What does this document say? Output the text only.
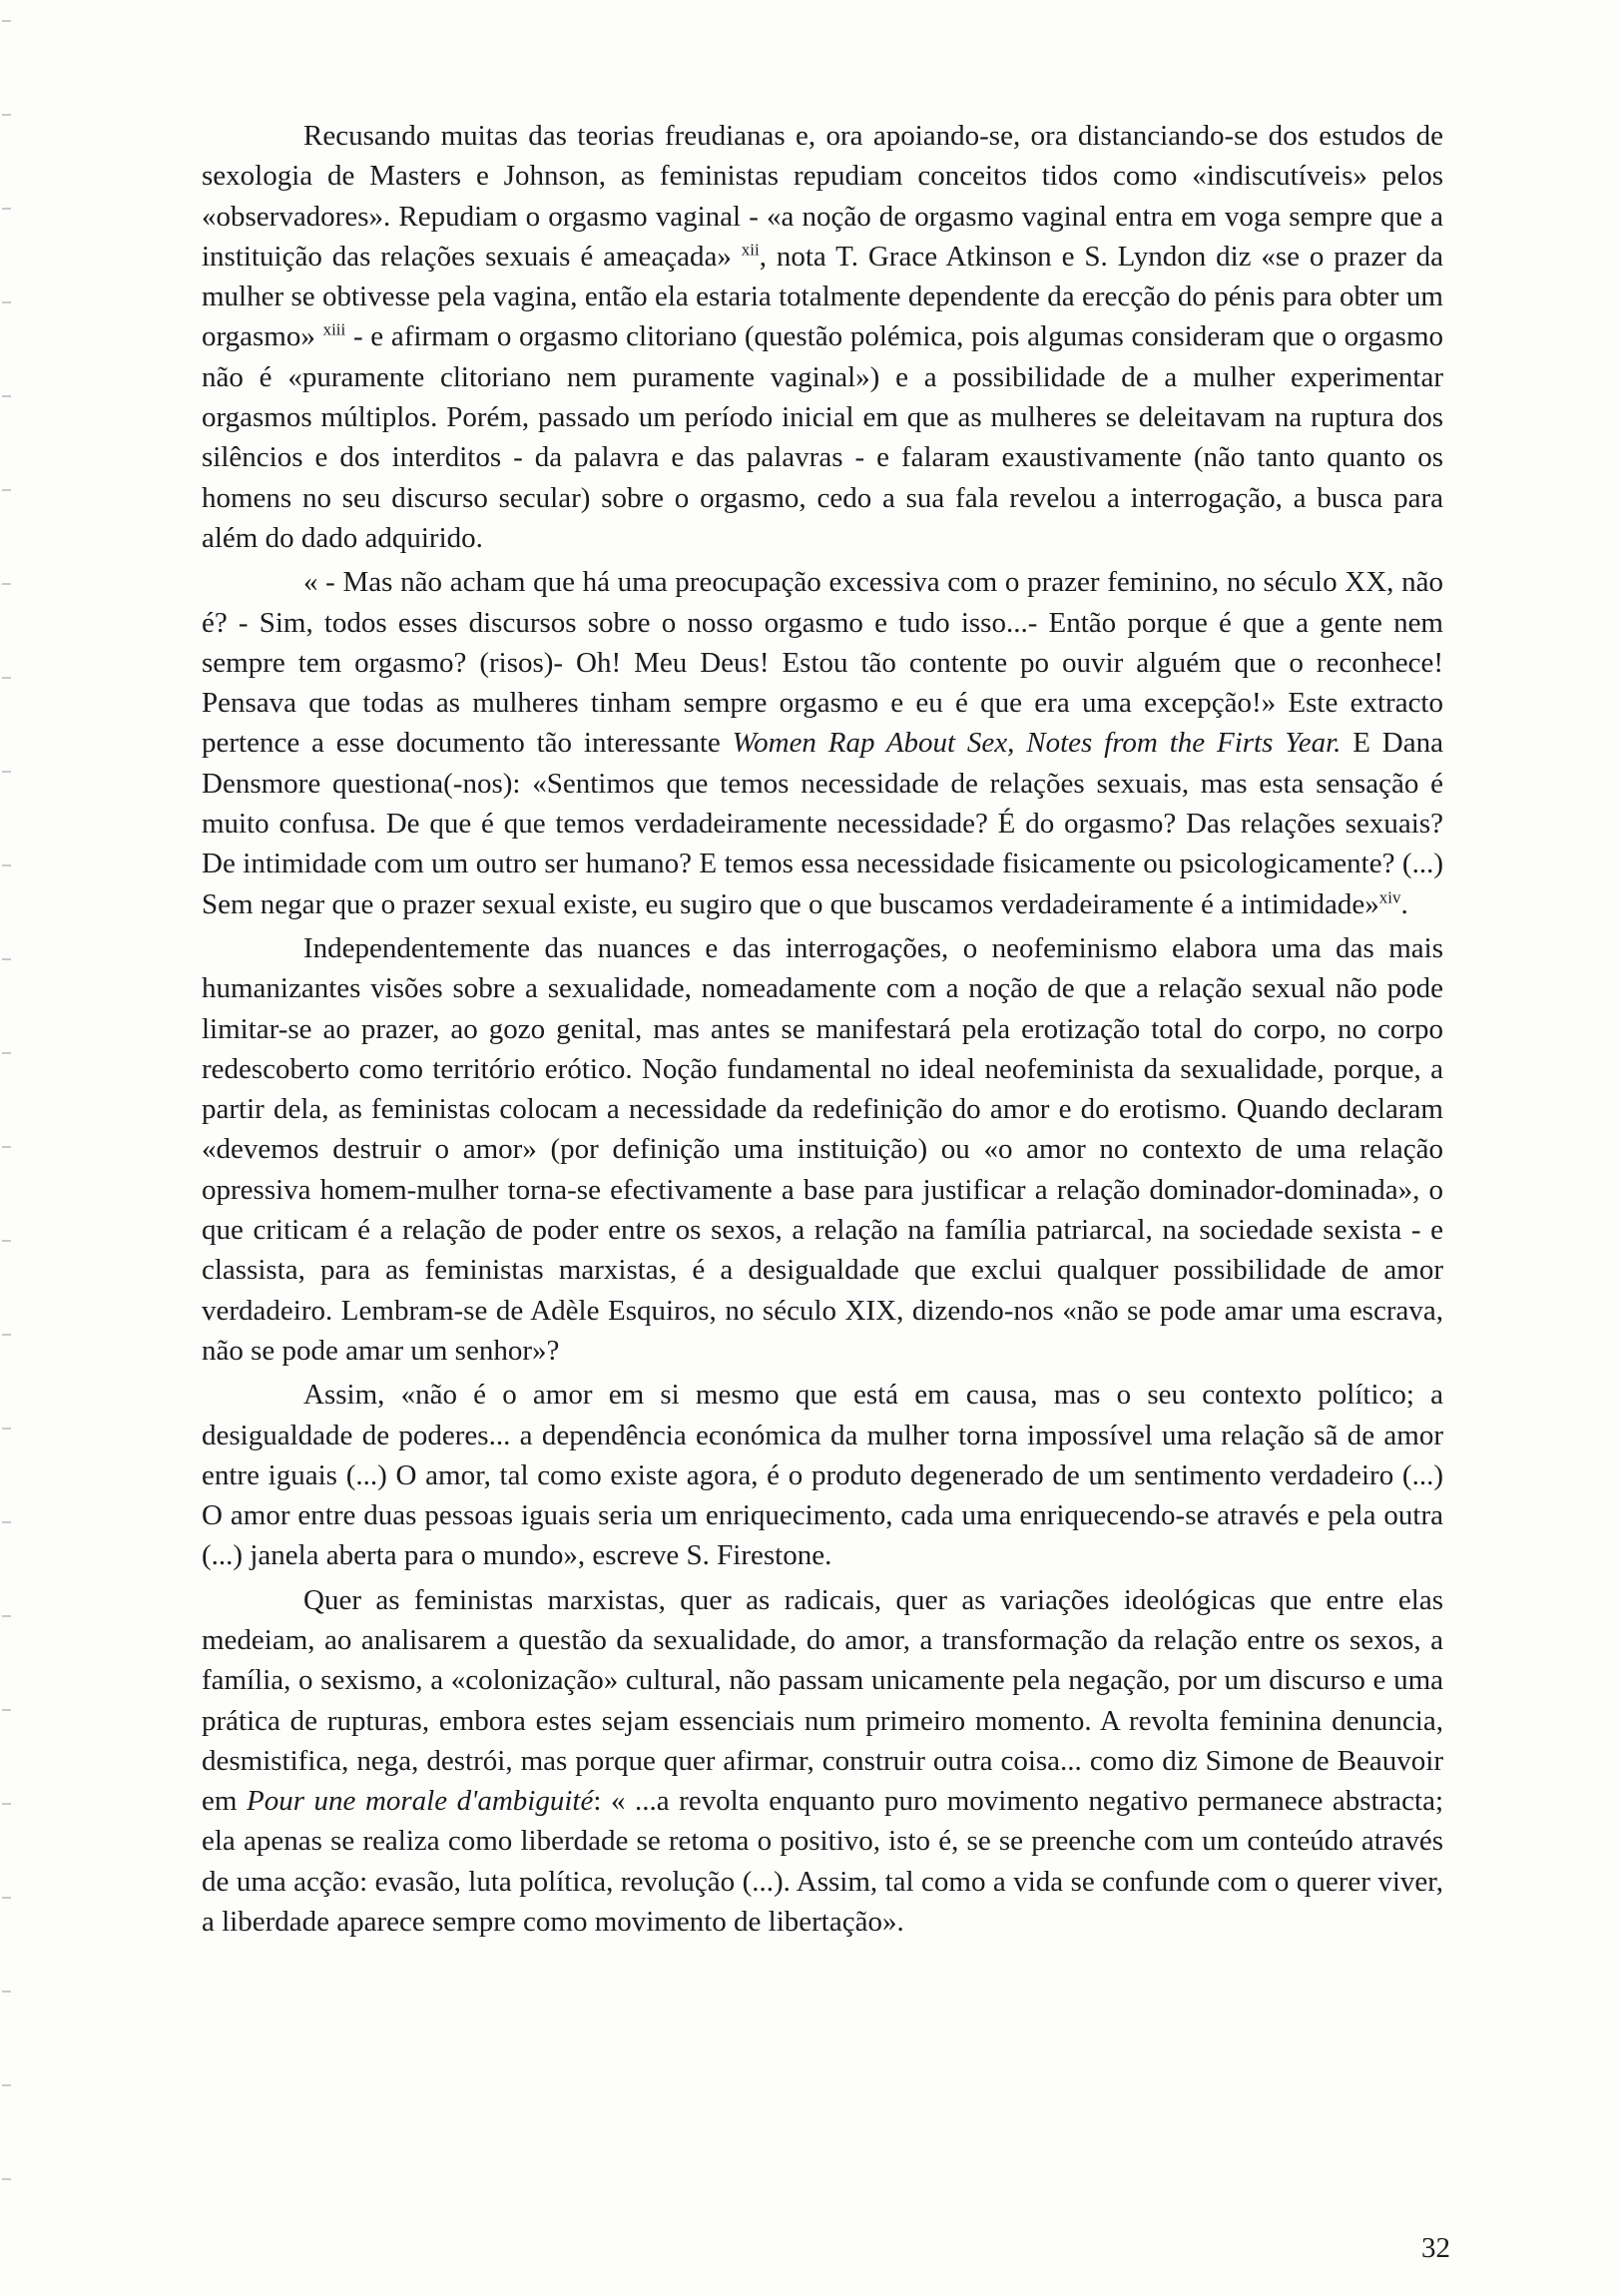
Recusando muitas das teorias freudianas e, ora apoiando-se, ora distanciando-se dos estudos de sexologia de Masters e Johnson, as feministas repudiam conceitos tidos como «indiscutíveis» pelos «observadores». Repudiam o orgasmo vaginal - «a noção de orgasmo vaginal entra em voga sempre que a instituição das relações sexuais é ameaçada» $^{xii}$, nota T. Grace Atkinson e S. Lyndon diz «se o prazer da mulher se obtivesse pela vagina, então ela estaria totalmente dependente da erecção do pénis para obter um orgasmo» $^{xiii}$ - e afirmam o orgasmo clitoriano (questão polémica, pois algumas consideram que o orgasmo não é «puramente clitoriano nem puramente vaginal») e a possibilidade de a mulher experimentar orgasmos múltiplos. Porém, passado um período inicial em que as mulheres se deleitavam na ruptura dos silêncios e dos interditos - da palavra e das palavras - e falaram exaustivamente (não tanto quanto os homens no seu discurso secular) sobre o orgasmo, cedo a sua fala revelou a interrogação, a busca para além do dado adquirido.

« - Mas não acham que há uma preocupação excessiva com o prazer feminino, no século XX, não é? - Sim, todos esses discursos sobre o nosso orgasmo e tudo isso...- Então porque é que a gente nem sempre tem orgasmo? (risos)- Oh! Meu Deus! Estou tão contente po ouvir alguém que o reconhece! Pensava que todas as mulheres tinham sempre orgasmo e eu é que era uma excepção!» Este extracto pertence a esse documento tão interessante Women Rap About Sex, Notes from the Firts Year. E Dana Densmore questiona(-nos): «Sentimos que temos necessidade de relações sexuais, mas esta sensação é muito confusa. De que é que temos verdadeiramente necessidade? É do orgasmo? Das relações sexuais? De intimidade com um outro ser humano? E temos essa necessidade fisicamente ou psicologicamente? (...) Sem negar que o prazer sexual existe, eu sugiro que o que buscamos verdadeiramente é a intimidade»$^{xiv}$.

Independentemente das nuances e das interrogações, o neofeminismo elabora uma das mais humanizantes visões sobre a sexualidade, nomeadamente com a noção de que a relação sexual não pode limitar-se ao prazer, ao gozo genital, mas antes se manifestará pela erotização total do corpo, no corpo redescoberto como território erótico. Noção fundamental no ideal neofeminista da sexualidade, porque, a partir dela, as feministas colocam a necessidade da redefinição do amor e do erotismo. Quando declaram «devemos destruir o amor» (por definição uma instituição) ou «o amor no contexto de uma relação opressiva homem-mulher torna-se efectivamente a base para justificar a relação dominador-dominada», o que criticam é a relação de poder entre os sexos, a relação na família patriarcal, na sociedade sexista - e classista, para as feministas marxistas, é a desigualdade que exclui qualquer possibilidade de amor verdadeiro. Lembram-se de Adèle Esquiros, no século XIX, dizendo-nos «não se pode amar uma escrava, não se pode amar um senhor»?

Assim, «não é o amor em si mesmo que está em causa, mas o seu contexto político; a desigualdade de poderes... a dependência económica da mulher torna impossível uma relação sã de amor entre iguais (...) O amor, tal como existe agora, é o produto degenerado de um sentimento verdadeiro (...) O amor entre duas pessoas iguais seria um enriquecimento, cada uma enriquecendo-se através e pela outra (...) janela aberta para o mundo», escreve S. Firestone.

Quer as feministas marxistas, quer as radicais, quer as variações ideológicas que entre elas medeiam, ao analisarem a questão da sexualidade, do amor, a transformação da relação entre os sexos, a família, o sexismo, a «colonização» cultural, não passam unicamente pela negação, por um discurso e uma prática de rupturas, embora estes sejam essenciais num primeiro momento. A revolta feminina denuncia, desmistifica, nega, destrói, mas porque quer afirmar, construir outra coisa... como diz Simone de Beauvoir em Pour une morale d'ambiguité: « ...a revolta enquanto puro movimento negativo permanece abstracta; ela apenas se realiza como liberdade se retoma o positivo, isto é, se se preenche com um conteúdo através de uma acção: evasão, luta política, revolução (...). Assim, tal como a vida se confunde com o querer viver, a liberdade aparece sempre como movimento de libertação».

32
